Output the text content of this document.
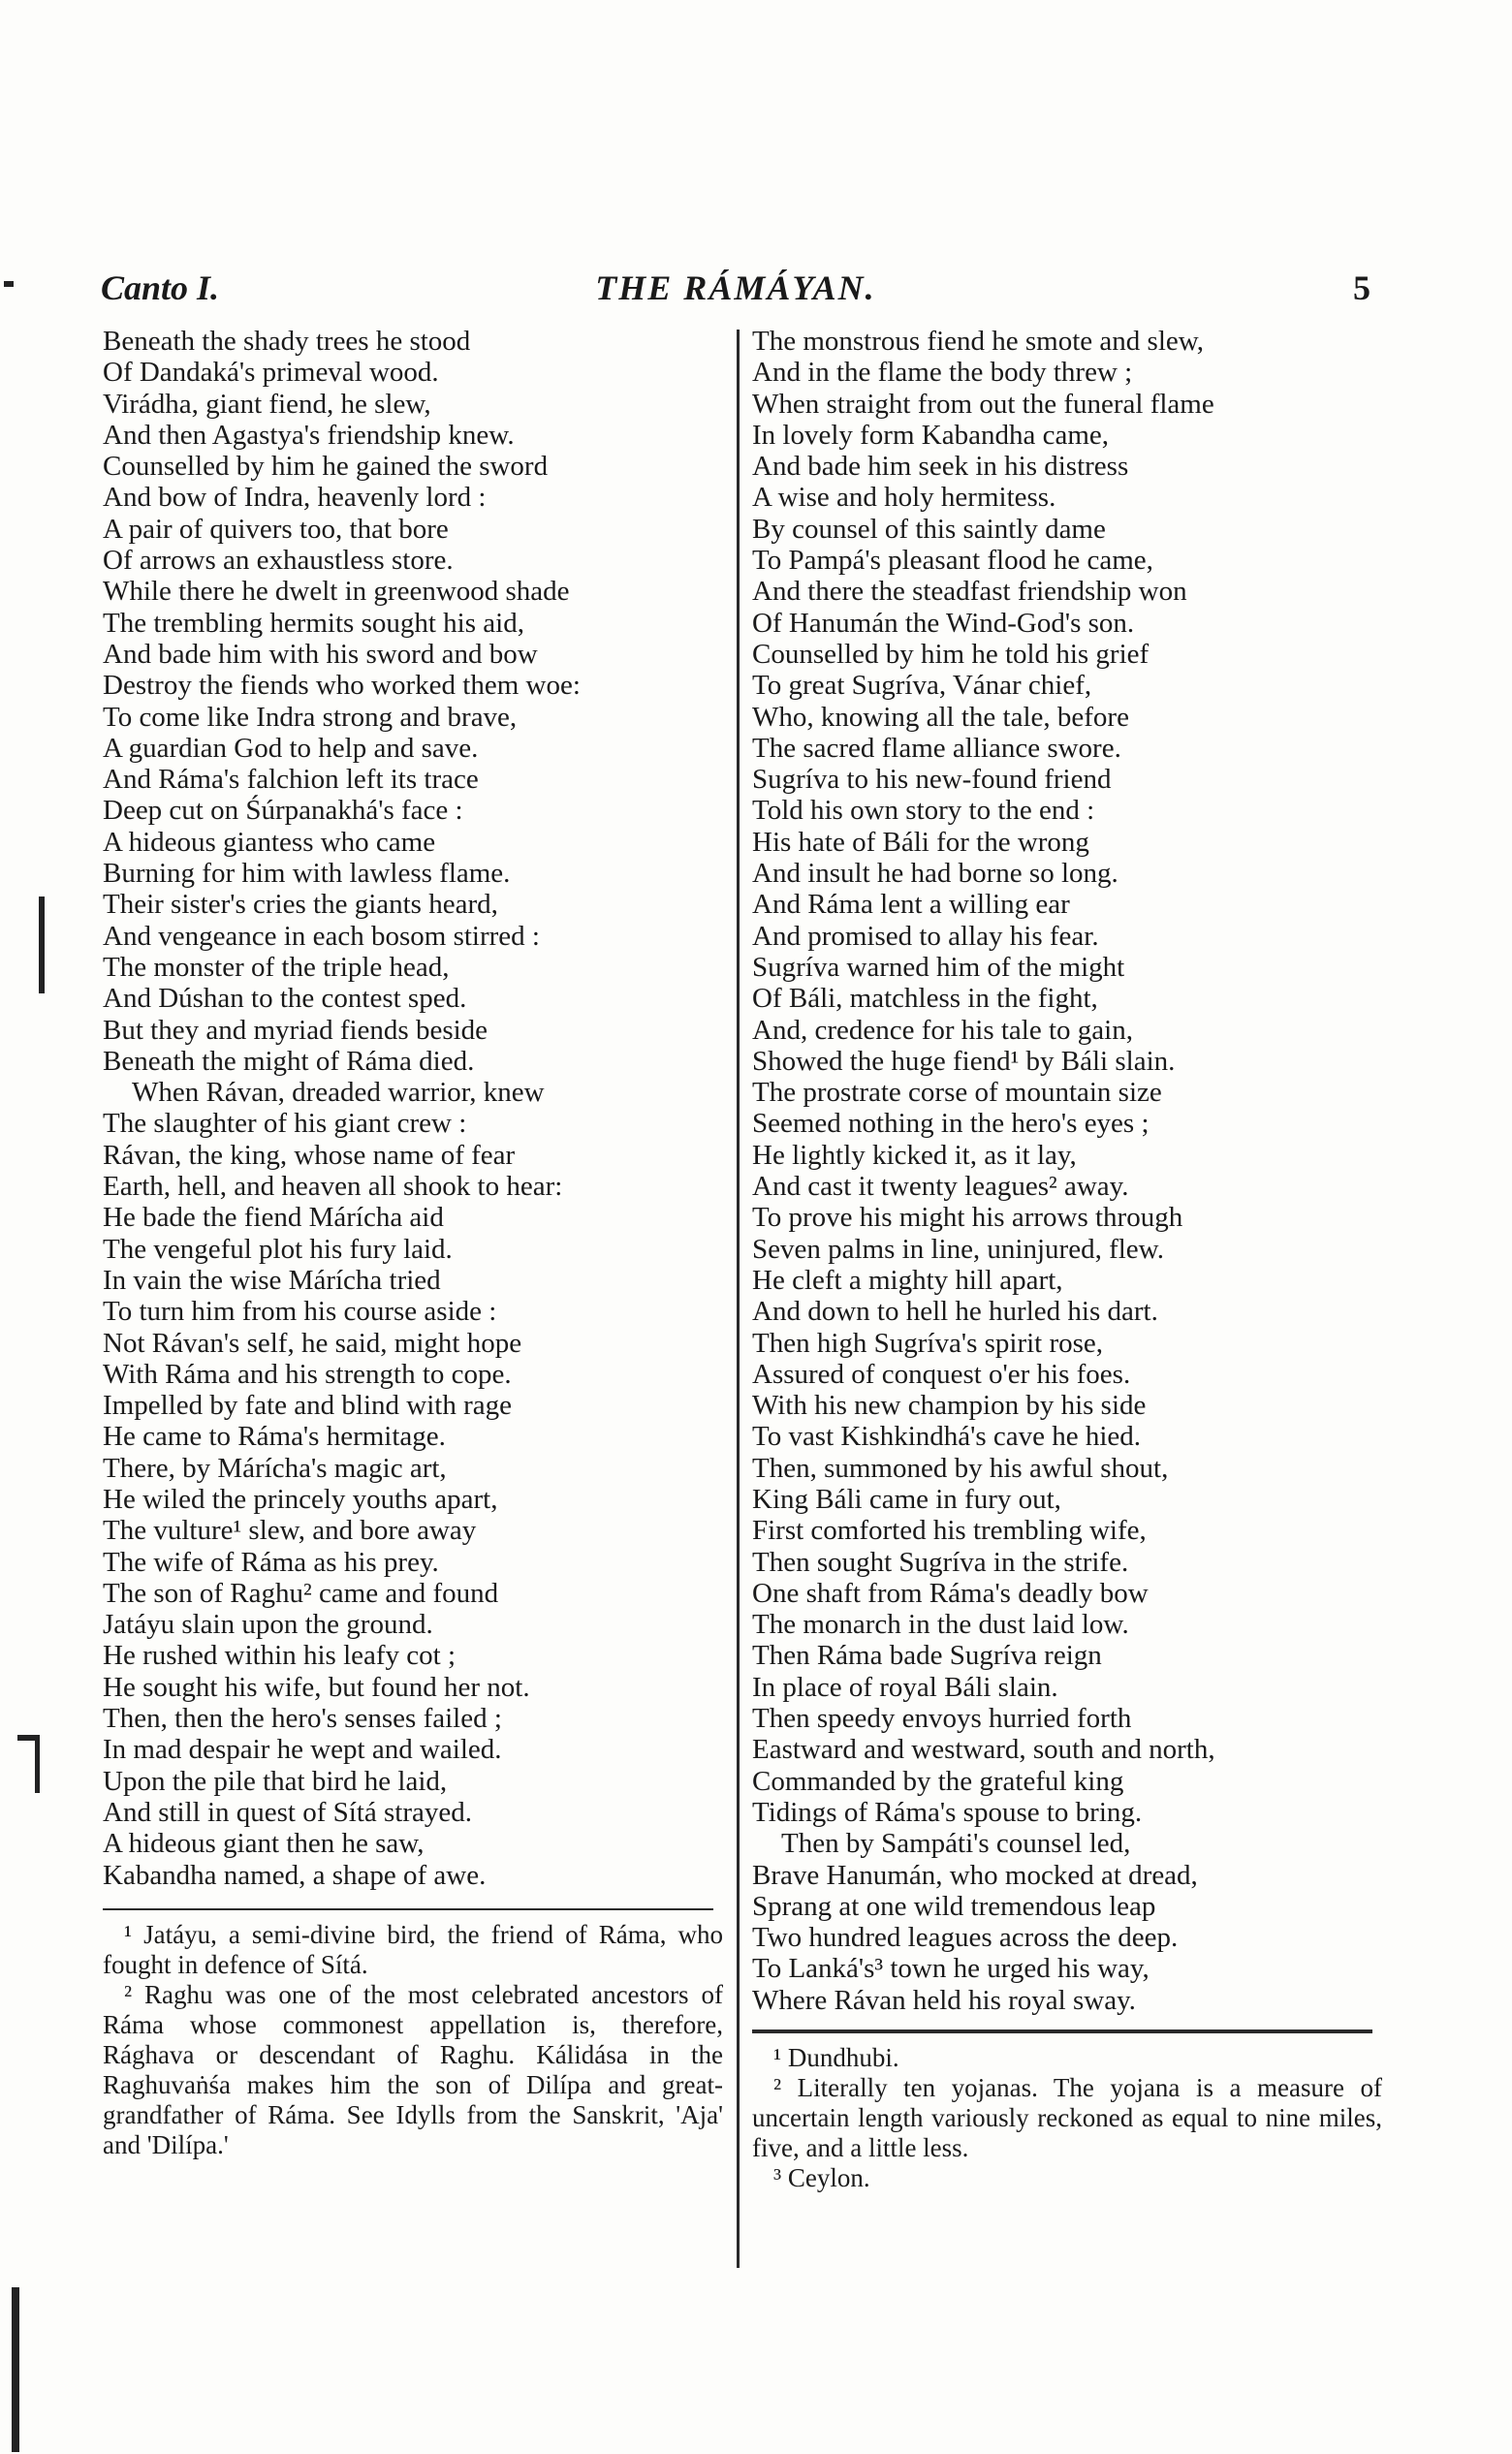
Canto I.	THE RÁMÁYAN.	5
Beneath the shady trees he stood
Of Dandaká's primeval wood.
Virádha, giant fiend, he slew,
And then Agastya's friendship knew.
Counselled by him he gained the sword
And bow of Indra, heavenly lord :
A pair of quivers too, that bore
Of arrows an exhaustless store.
While there he dwelt in greenwood shade
The trembling hermits sought his aid,
And bade him with his sword and bow
Destroy the fiends who worked them woe:
To come like Indra strong and brave,
A guardian God to help and save.
And Ráma's falchion left its trace
Deep cut on Śúrpanakhá's face :
A hideous giantess who came
Burning for him with lawless flame.
Their sister's cries the giants heard,
And vengeance in each bosom stirred :
The monster of the triple head,
And Dúshan to the contest sped.
But they and myriad fiends beside
Beneath the might of Ráma died.
When Rávan, dreaded warrior, knew
The slaughter of his giant crew :
Rávan, the king, whose name of fear
Earth, hell, and heaven all shook to hear:
He bade the fiend Márícha aid
The vengeful plot his fury laid.
In vain the wise Márícha tried
To turn him from his course aside :
Not Rávan's self, he said, might hope
With Ráma and his strength to cope.
Impelled by fate and blind with rage
He came to Ráma's hermitage.
There, by Márícha's magic art,
He wiled the princely youths apart,
The vulture¹ slew, and bore away
The wife of Ráma as his prey.
The son of Raghu² came and found
Jatáyu slain upon the ground.
He rushed within his leafy cot ;
He sought his wife, but found her not.
Then, then the hero's senses failed ;
In mad despair he wept and wailed.
Upon the pile that bird he laid,
And still in quest of Sítá strayed.
A hideous giant then he saw,
Kabandha named, a shape of awe.
¹ Jatáyu, a semi-divine bird, the friend of Ráma, who fought in defence of Sítá.
² Raghu was one of the most celebrated ancestors of Ráma whose commonest appellation is, therefore, Rághava or descendant of Raghu. Kálidása in the Raghuvaṅśa makes him the son of Dilípa and great-grandfather of Ráma. See Idylls from the Sanskrit, 'Aja' and 'Dilípa.'
The monstrous fiend he smote and slew,
And in the flame the body threw ;
When straight from out the funeral flame
In lovely form Kabandha came,
And bade him seek in his distress
A wise and holy hermitess.
By counsel of this saintly dame
To Pampá's pleasant flood he came,
And there the steadfast friendship won
Of Hanumán the Wind-God's son.
Counselled by him he told his grief
To great Sugríva, Vánar chief,
Who, knowing all the tale, before
The sacred flame alliance swore.
Sugríva to his new-found friend
Told his own story to the end :
His hate of Báli for the wrong
And insult he had borne so long.
And Ráma lent a willing ear
And promised to allay his fear.
Sugríva warned him of the might
Of Báli, matchless in the fight,
And, credence for his tale to gain,
Showed the huge fiend¹ by Báli slain.
The prostrate corse of mountain size
Seemed nothing in the hero's eyes ;
He lightly kicked it, as it lay,
And cast it twenty leagues² away.
To prove his might his arrows through
Seven palms in line, uninjured, flew.
He cleft a mighty hill apart,
And down to hell he hurled his dart.
Then high Sugríva's spirit rose,
Assured of conquest o'er his foes.
With his new champion by his side
To vast Kishkindhá's cave he hied.
Then, summoned by his awful shout,
King Báli came in fury out,
First comforted his trembling wife,
Then sought Sugríva in the strife.
One shaft from Ráma's deadly bow
The monarch in the dust laid low.
Then Ráma bade Sugríva reign
In place of royal Báli slain.
Then speedy envoys hurried forth
Eastward and westward, south and north,
Commanded by the grateful king
Tidings of Ráma's spouse to bring.
Then by Sampáti's counsel led,
Brave Hanumán, who mocked at dread,
Sprang at one wild tremendous leap
Two hundred leagues across the deep.
To Lanká's³ town he urged his way,
Where Rávan held his royal sway.
¹ Dundhubi.
² Literally ten yojanas. The yojana is a measure of uncertain length variously reckoned as equal to nine miles, five, and a little less.
³ Ceylon.
